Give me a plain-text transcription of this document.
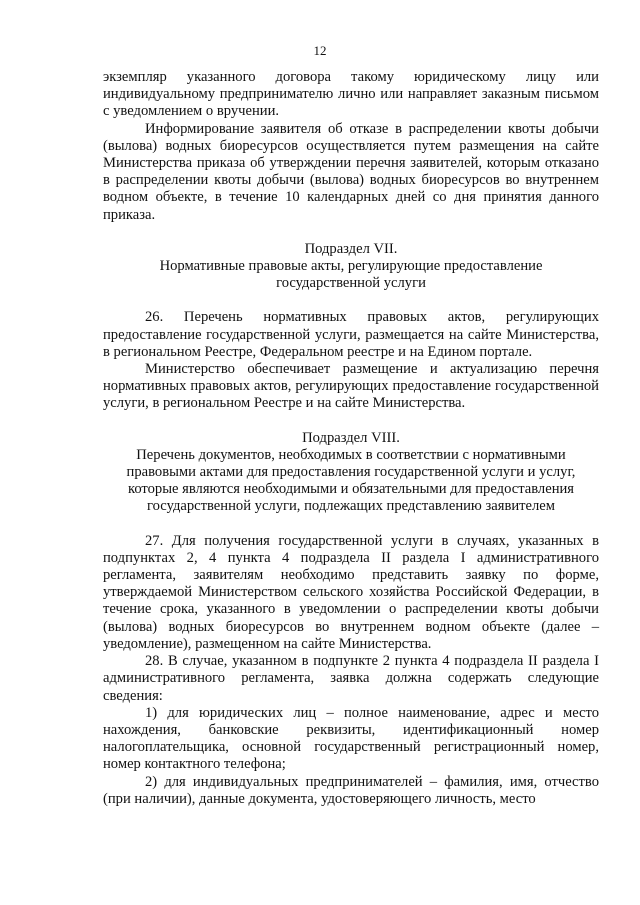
12

экземпляр указанного договора такому юридическому лицу или индивидуальному предпринимателю лично или направляет заказным письмом с уведомлением о вручении.

Информирование заявителя об отказе в распределении квоты добычи (вылова) водных биоресурсов осуществляется путем размещения на сайте Министерства приказа об утверждении перечня заявителей, которым отказано в распределении квоты добычи (вылова) водных биоресурсов во внутреннем водном объекте, в течение 10 календарных дней со дня принятия данного приказа.

Подраздел VII.

Нормативные правовые акты, регулирующие предоставление государственной услуги

26. Перечень нормативных правовых актов, регулирующих предоставление государственной услуги, размещается на сайте Министерства, в региональном Реестре, Федеральном реестре и на Едином портале.

Министерство обеспечивает размещение и актуализацию перечня нормативных правовых актов, регулирующих предоставление государственной услуги, в региональном Реестре и на сайте Министерства.

Подраздел VIII.

Перечень документов, необходимых в соответствии с нормативными правовыми актами для предоставления государственной услуги и услуг, которые являются необходимыми и обязательными для предоставления государственной услуги, подлежащих представлению заявителем

27. Для получения государственной услуги в случаях, указанных в подпунктах 2, 4 пункта 4 подраздела II раздела I административного регламента, заявителям необходимо представить заявку по форме, утверждаемой Министерством сельского хозяйства Российской Федерации, в течение срока, указанного в уведомлении о распределении квоты добычи (вылова) водных биоресурсов во внутреннем водном объекте (далее – уведомление), размещенном на сайте Министерства.

28. В случае, указанном в подпункте 2 пункта 4 подраздела II раздела I административного регламента, заявка должна содержать следующие сведения:

1) для юридических лиц – полное наименование, адрес и место нахождения, банковские реквизиты, идентификационный номер налогоплательщика, основной государственный регистрационный номер, номер контактного телефона;

2) для индивидуальных предпринимателей – фамилия, имя, отчество (при наличии), данные документа, удостоверяющего личность, место
